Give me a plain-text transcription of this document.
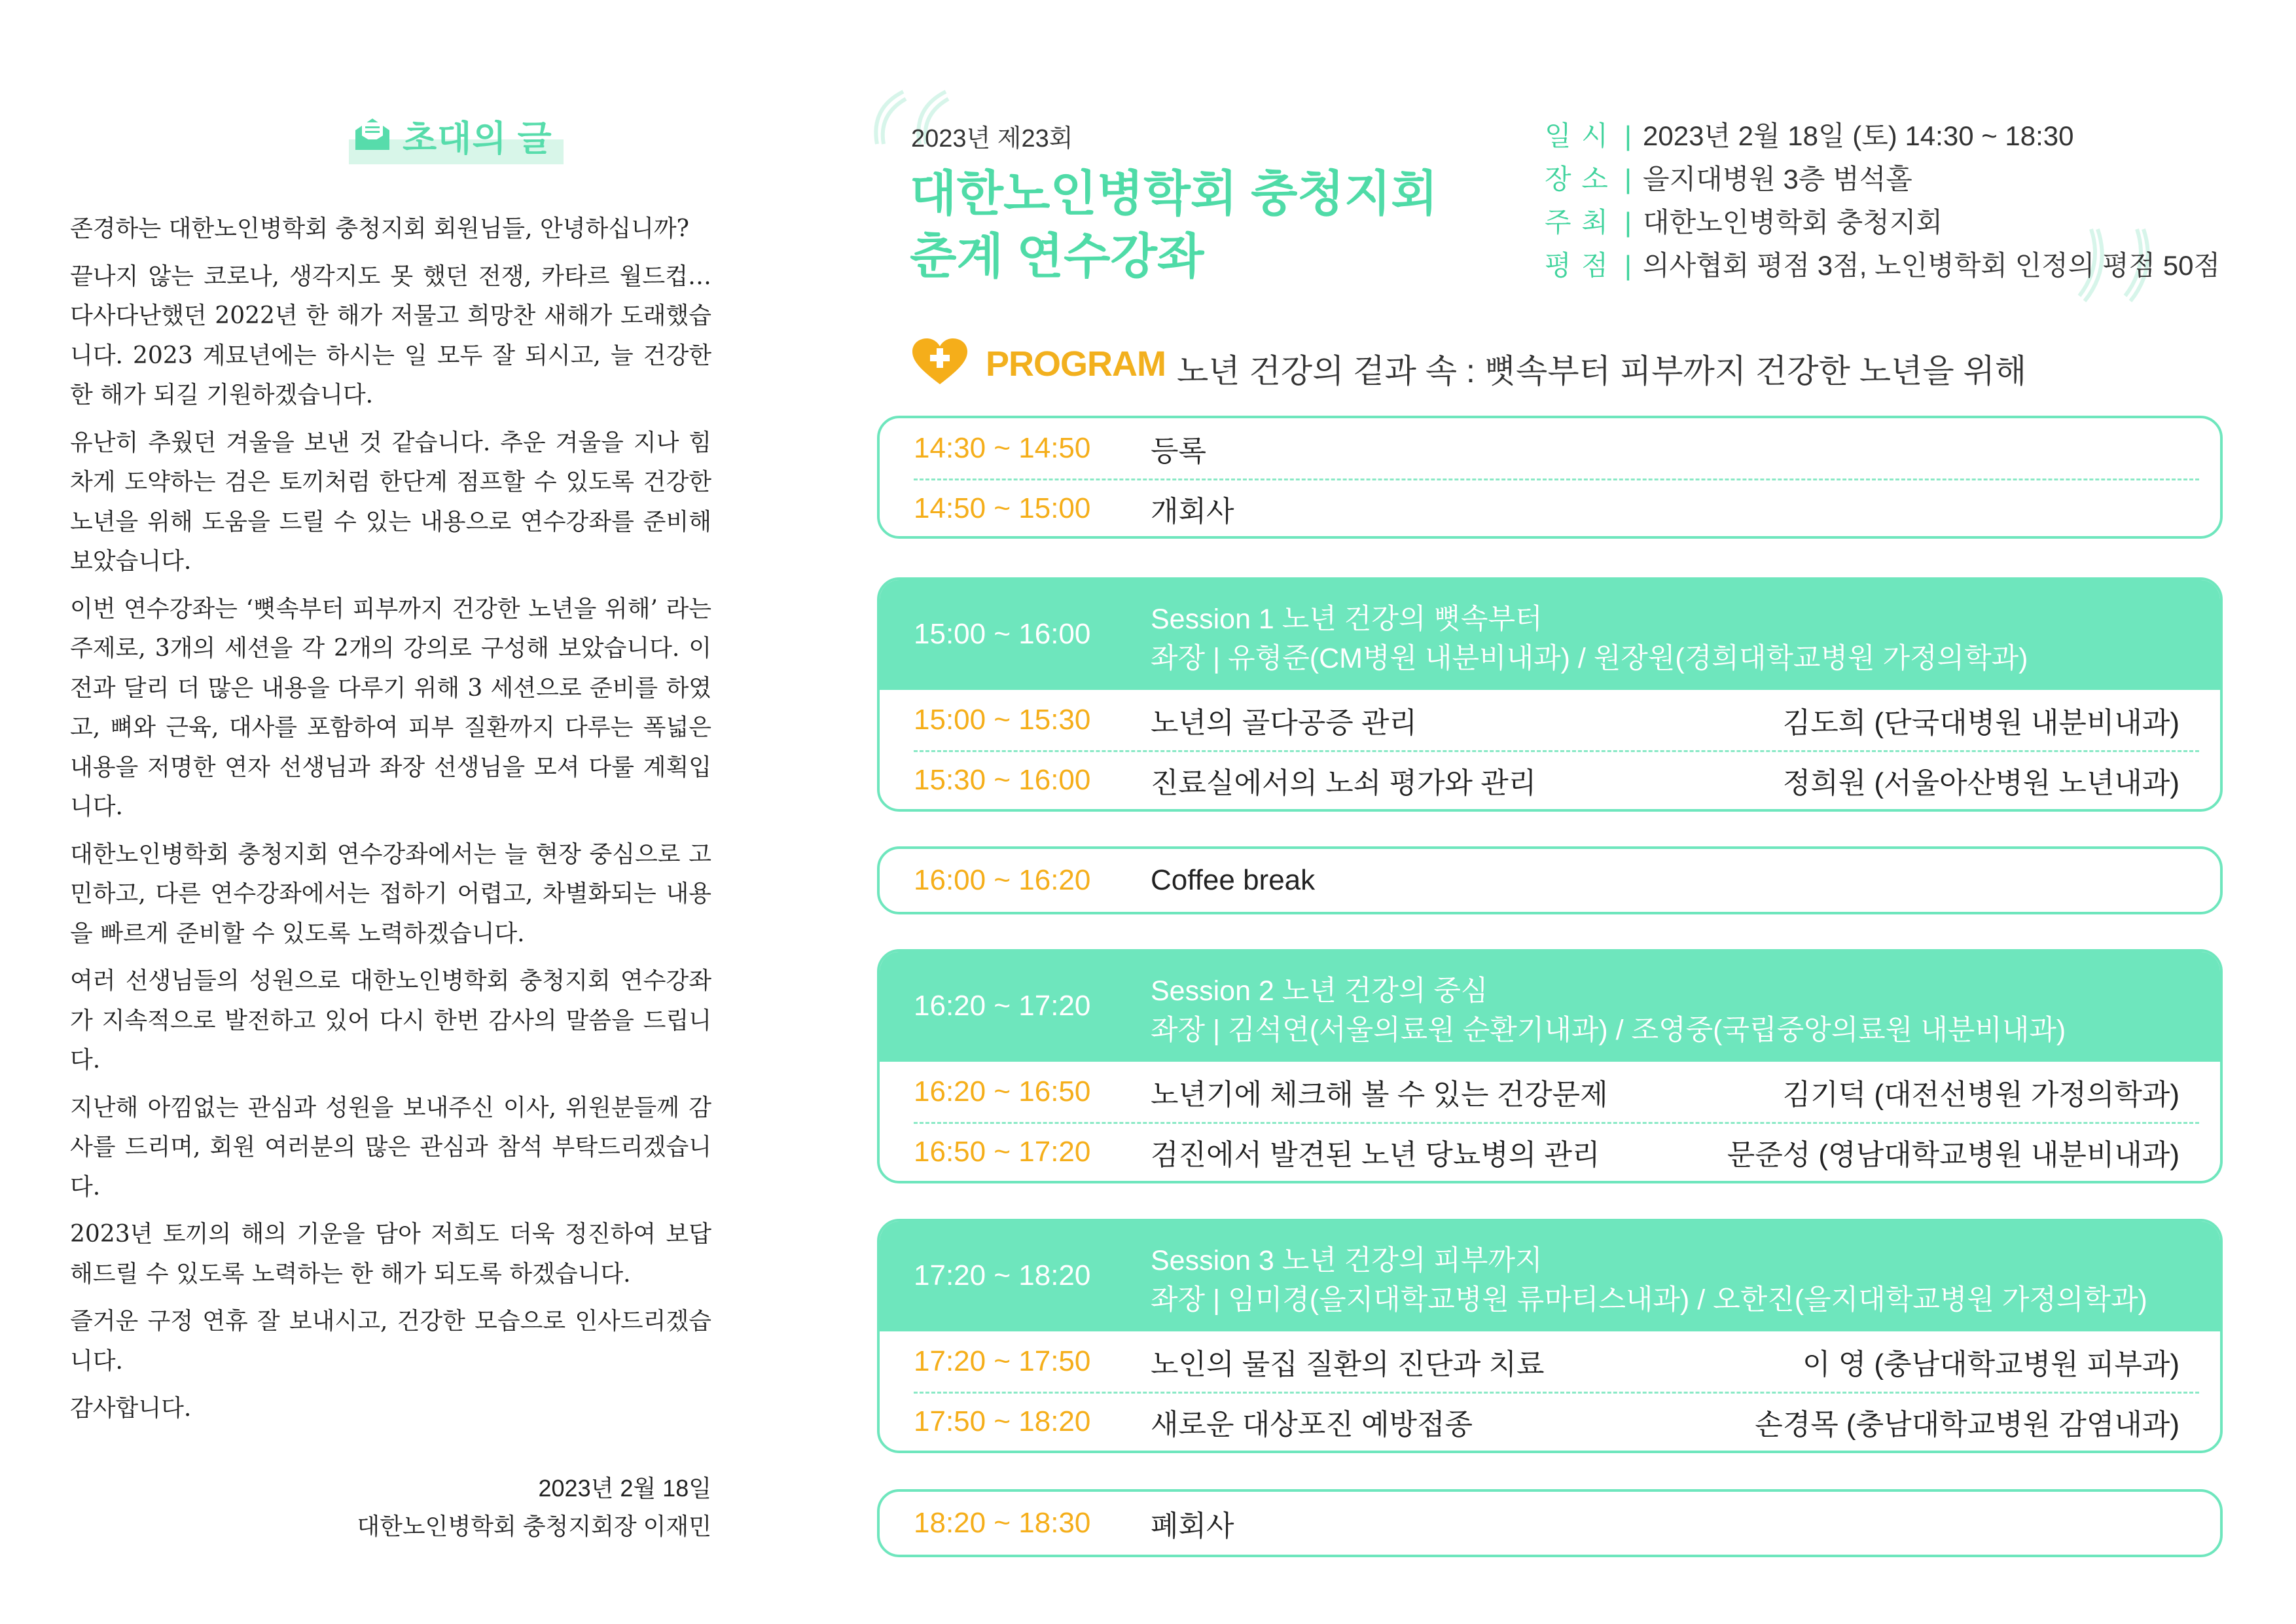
초대의 글

존경하는 대한노인병학회 충청지회 회원님들, 안녕하십니까?

끝나지 않는 코로나, 생각지도 못 했던 전쟁, 카타르 월드컵… 다사다난했던 2022년 한 해가 저물고 희망찬 새해가 도래했습니다. 2023 계묘년에는 하시는 일 모두 잘 되시고, 늘 건강한 한 해가 되길 기원하겠습니다.

유난히 추웠던 겨울을 보낸 것 같습니다. 추운 겨울을 지나 힘차게 도약하는 검은 토끼처럼 한단계 점프할 수 있도록 건강한 노년을 위해 도움을 드릴 수 있는 내용으로 연수강좌를 준비해보았습니다.

이번 연수강좌는 ‘뼛속부터 피부까지 건강한 노년을 위해’ 라는 주제로, 3개의 세션을 각 2개의 강의로 구성해 보았습니다. 이전과 달리 더 많은 내용을 다루기 위해 3 세션으로 준비를 하였고, 뼈와 근육, 대사를 포함하여 피부 질환까지 다루는 폭넓은 내용을 저명한 연자 선생님과 좌장 선생님을 모셔 다룰 계획입니다.

대한노인병학회 충청지회 연수강좌에서는 늘 현장 중심으로 고민하고, 다른 연수강좌에서는 접하기 어렵고, 차별화되는 내용을 빠르게 준비할 수 있도록 노력하겠습니다.

여러 선생님들의 성원으로 대한노인병학회 충청지회 연수강좌가 지속적으로 발전하고 있어 다시 한번 감사의 말씀을 드립니다.

지난해 아낌없는 관심과 성원을 보내주신 이사, 위원분들께 감사를 드리며, 회원 여러분의 많은 관심과 참석 부탁드리겠습니다.

2023년 토끼의 해의 기운을 담아 저희도 더욱 정진하여 보답해드릴 수 있도록 노력하는 한 해가 되도록 하겠습니다.

즐거운 구정 연휴 잘 보내시고, 건강한 모습으로 인사드리겠습니다.

감사합니다.

2023년 2월 18일
대한노인병학회 충청지회장 이재민
2023년 제23회
대한노인병학회 충청지회
춘계 연수강좌
일 시 | 2023년 2월 18일 (토) 14:30 ~ 18:30
장 소 | 을지대병원 3층 범석홀
주 최 | 대한노인병학회 충청지회
평 점 | 의사협회 평점 3점, 노인병학회 인정의 평점 50점
PROGRAM 노년 건강의 겉과 속 : 뼛속부터 피부까지 건강한 노년을 위해
14:30 ~ 14:50 등록
14:50 ~ 15:00 개회사
15:00 ~ 16:00 Session 1 노년 건강의 뼛속부터
좌장 | 유형준(CM병원 내분비내과) / 원장원(경희대학교병원 가정의학과)
15:00 ~ 15:30 노년의 골다공증 관리	김도희 (단국대병원 내분비내과)
15:30 ~ 16:00 진료실에서의 노쇠 평가와 관리	정희원 (서울아산병원 노년내과)
16:00 ~ 16:20 Coffee break
16:20 ~ 17:20 Session 2 노년 건강의 중심
좌장 | 김석연(서울의료원 순환기내과) / 조영중(국립중앙의료원 내분비내과)
16:20 ~ 16:50 노년기에 체크해 볼 수 있는 건강문제	김기덕 (대전선병원 가정의학과)
16:50 ~ 17:20 검진에서 발견된 노년 당뇨병의 관리	문준성 (영남대학교병원 내분비내과)
17:20 ~ 18:20 Session 3 노년 건강의 피부까지
좌장 | 임미경(을지대학교병원 류마티스내과) / 오한진(을지대학교병원 가정의학과)
17:20 ~ 17:50 노인의 물집 질환의 진단과 치료	이 영 (충남대학교병원 피부과)
17:50 ~ 18:20 새로운 대상포진 예방접종	손경목 (충남대학교병원 감염내과)
18:20 ~ 18:30 폐회사
